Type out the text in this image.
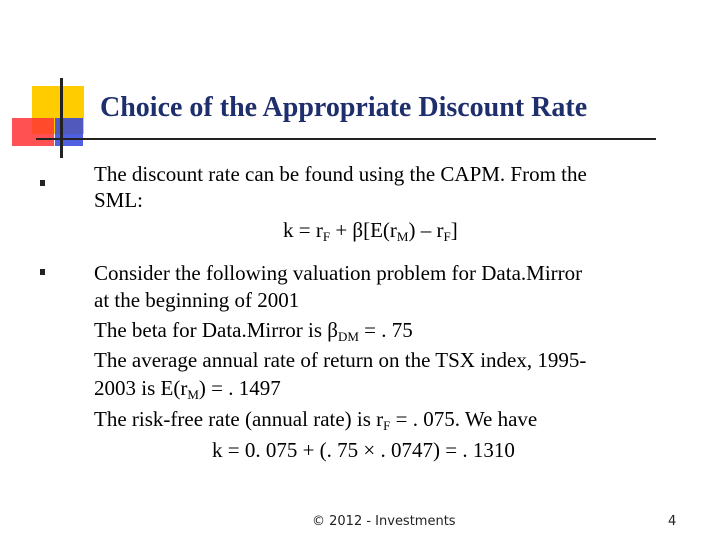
Choice of the Appropriate Discount Rate
The discount rate can be found using the CAPM. From the
SML:
$k = r_F + \beta[E(r_M) - r_F]$
Consider the following valuation problem for Data.Mirror
at the beginning of 2001
The beta for Data.Mirror is $\beta_{DM}$ = . 75
The average annual rate of return on the TSX index, 1995-
2003 is $E(r_M)$ = . 1497
The risk-free rate (annual rate) is $r_F$ = . 075. We have
k = 0. 075 + (. 75 × . 0747) = . 1310
© 2012 - Investments	4
